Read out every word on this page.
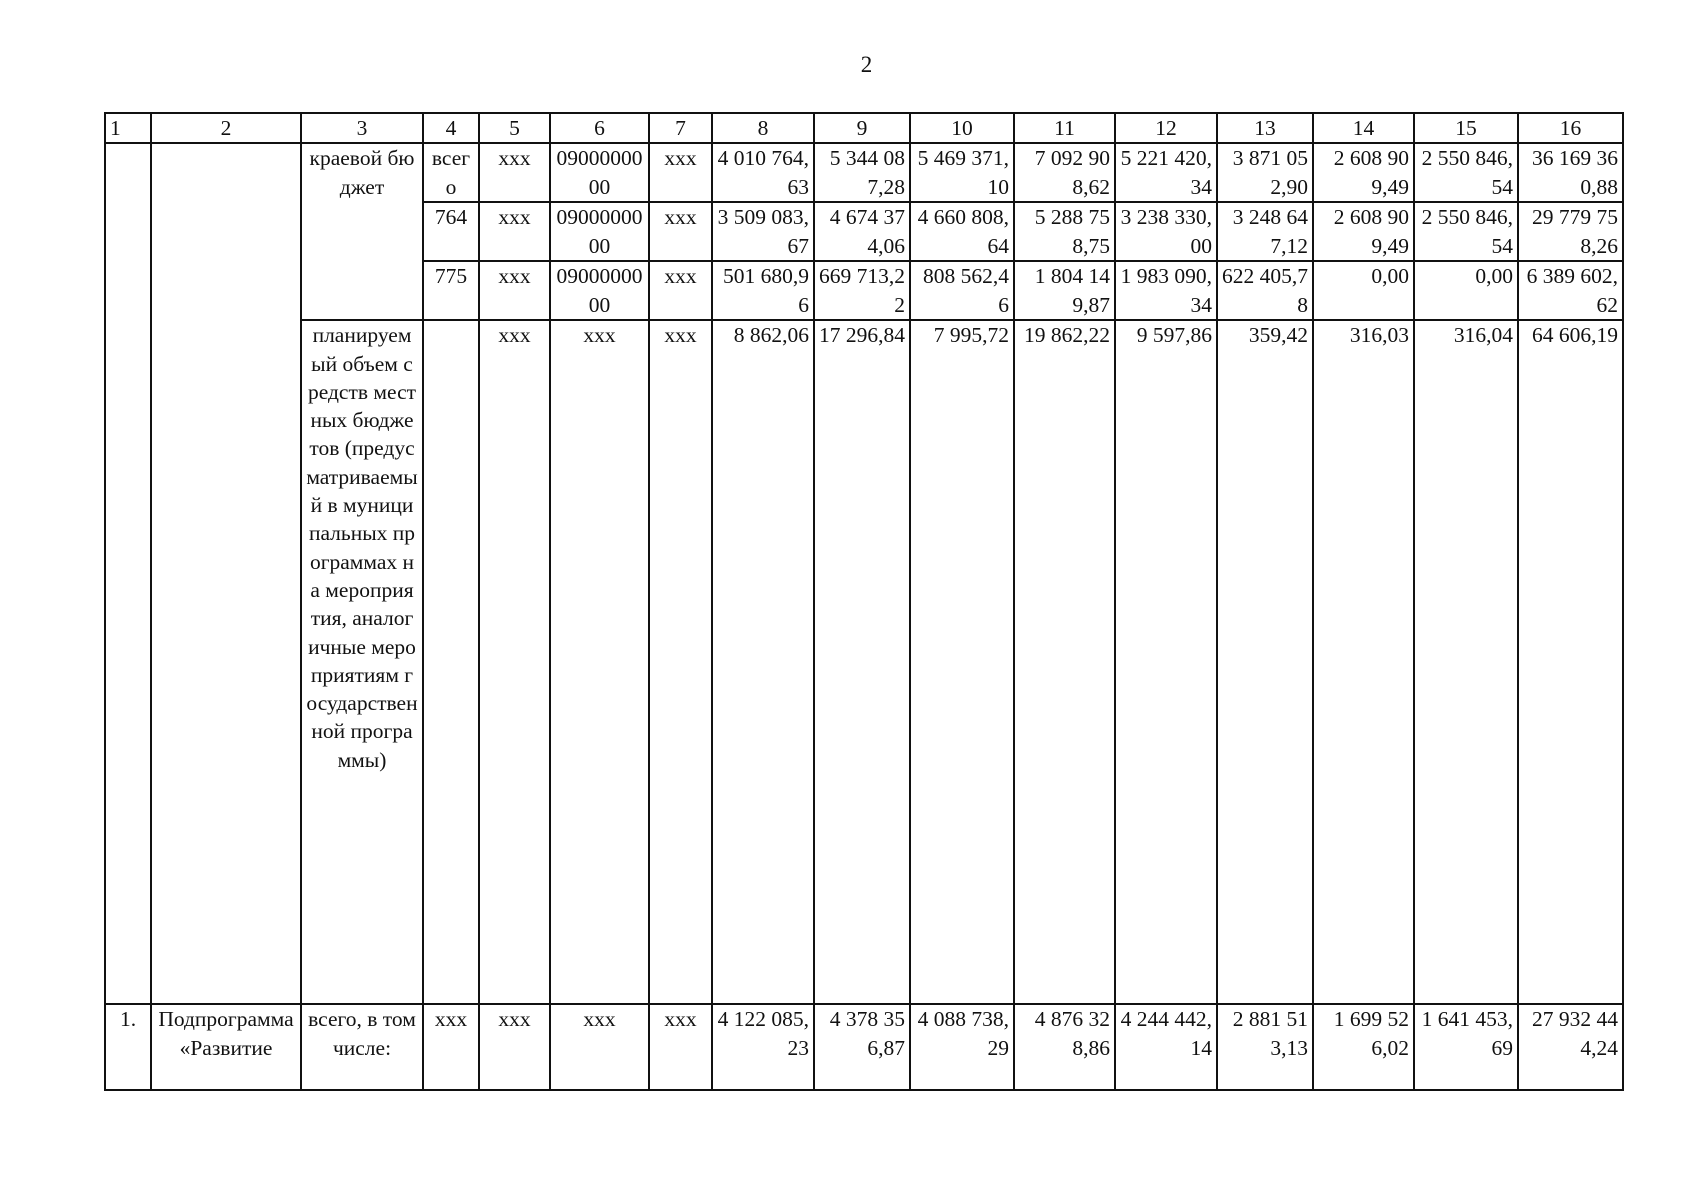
2
1	2	3	4	5	6	7	8	9	10	11	12	13	14	15	16
		краевой бюджет	всего	ххх	0900000000	ххх	4 010 764,63	5 344 087,28	5 469 371,10	7 092 908,62	5 221 420,34	3 871 052,90	2 608 909,49	2 550 846,54	36 169 360,88
			764	ххх	0900000000	ххх	3 509 083,67	4 674 374,06	4 660 808,64	5 288 758,75	3 238 330,00	3 248 647,12	2 608 909,49	2 550 846,54	29 779 758,26
			775	ххх	0900000000	ххх	501 680,96	669 713,22	808 562,46	1 804 149,87	1 983 090,34	622 405,78	0,00	0,00	6 389 602,62
		планируемый объем средств местных бюджетов (предусматриваемый в муниципальных программах на мероприятия, аналогичные мероприятиям государственной программы)		ххх	ххх	ххх	8 862,06	17 296,84	7 995,72	19 862,22	9 597,86	359,42	316,03	316,04	64 606,19
1.	Подпрограмма «Развитие	всего, в том числе:	ххх	ххх	ххх	ххх	4 122 085,23	4 378 356,87	4 088 738,29	4 876 328,86	4 244 442,14	2 881 513,13	1 699 526,02	1 641 453,69	27 932 444,24
